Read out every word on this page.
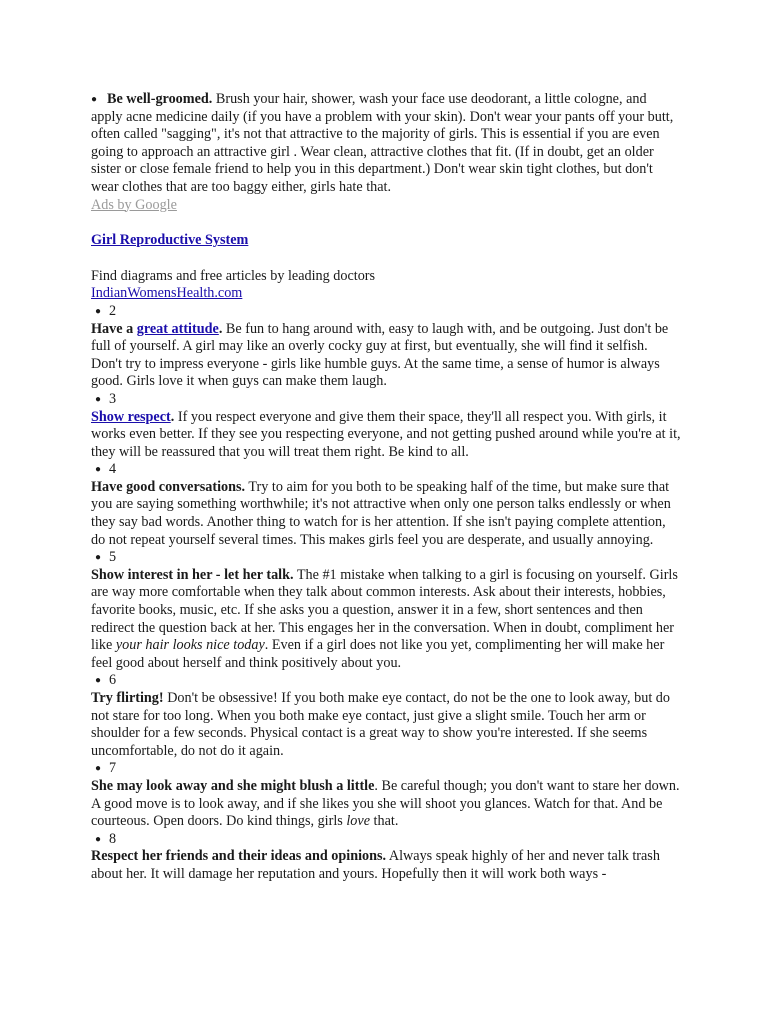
● Be well-groomed. Brush your hair, shower, wash your face use deodorant, a little cologne, and apply acne medicine daily (if you have a problem with your skin). Don't wear your pants off your butt, often called "sagging", it's not that attractive to the majority of girls. This is essential if you are even going to approach an attractive girl . Wear clean, attractive clothes that fit. (If in doubt, get an older sister or close female friend to help you in this department.) Don't wear skin tight clothes, but don't wear clothes that are too baggy either, girls hate that.

Ads by Google
Girl Reproductive System
Find diagrams and free articles by leading doctors
IndianWomensHealth.com
● 2

Have a great attitude. Be fun to hang around with, easy to laugh with, and be outgoing. Just don't be full of yourself. A girl may like an overly cocky guy at first, but eventually, she will find it selfish. Don't try to impress everyone - girls like humble guys. At the same time, a sense of humor is always good. Girls love it when guys can make them laugh.

● 3

Show respect. If you respect everyone and give them their space, they'll all respect you. With girls, it works even better. If they see you respecting everyone, and not getting pushed around while you're at it, they will be reassured that you will treat them right. Be kind to all.

● 4

Have good conversations. Try to aim for you both to be speaking half of the time, but make sure that you are saying something worthwhile; it's not attractive when only one person talks endlessly or when they say bad words. Another thing to watch for is her attention. If she isn't paying complete attention, do not repeat yourself several times. This makes girls feel you are desperate, and usually annoying.

● 5

Show interest in her - let her talk. The #1 mistake when talking to a girl is focusing on yourself. Girls are way more comfortable when they talk about common interests. Ask about their interests, hobbies, favorite books, music, etc. If she asks you a question, answer it in a few, short sentences and then redirect the question back at her. This engages her in the conversation. When in doubt, compliment her like your hair looks nice today. Even if a girl does not like you yet, complimenting her will make her feel good about herself and think positively about you.

● 6

Try flirting! Don't be obsessive! If you both make eye contact, do not be the one to look away, but do not stare for too long. When you both make eye contact, just give a slight smile. Touch her arm or shoulder for a few seconds. Physical contact is a great way to show you're interested. If she seems uncomfortable, do not do it again.

● 7

She may look away and she might blush a little. Be careful though; you don't want to stare her down. A good move is to look away, and if she likes you she will shoot you glances. Watch for that. And be courteous. Open doors. Do kind things, girls love that.

● 8

Respect her friends and their ideas and opinions. Always speak highly of her and never talk trash about her. It will damage her reputation and yours. Hopefully then it will work both ways -
